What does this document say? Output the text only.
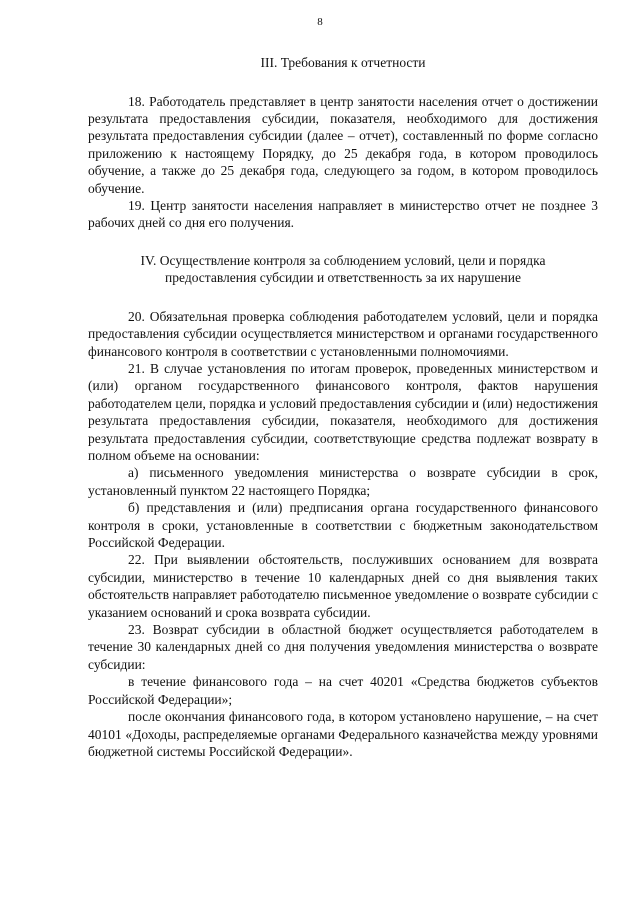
8

III. Требования к отчетности

18. Работодатель представляет в центр занятости населения отчет о достижении результата предоставления субсидии, показателя, необходимого для достижения результата предоставления субсидии (далее – отчет), составленный по форме согласно приложению к настоящему Порядку, до 25 декабря года, в котором проводилось обучение, а также до 25 декабря года, следующего за годом, в котором проводилось обучение.

19. Центр занятости населения направляет в министерство отчет не позднее 3 рабочих дней со дня его получения.

IV. Осуществление контроля за соблюдением условий, цели и порядка

предоставления субсидии и ответственность за их нарушение

20. Обязательная проверка соблюдения работодателем условий, цели и порядка предоставления субсидии осуществляется министерством и органами государственного финансового контроля в соответствии с установленными полномочиями.

21. В случае установления по итогам проверок, проведенных министерством и (или) органом государственного финансового контроля, фактов нарушения работодателем цели, порядка и условий предоставления субсидии и (или) недостижения результата предоставления субсидии, показателя, необходимого для достижения результата предоставления субсидии, соответствующие средства подлежат возврату в полном объеме на основании:

а) письменного уведомления министерства о возврате субсидии в срок, установленный пунктом 22 настоящего Порядка;

б) представления и (или) предписания органа государственного финансового контроля в сроки, установленные в соответствии с бюджетным законодательством Российской Федерации.

22. При выявлении обстоятельств, послуживших основанием для возврата субсидии, министерство в течение 10 календарных дней со дня выявления таких обстоятельств направляет работодателю письменное уведомление о возврате субсидии с указанием оснований и срока возврата субсидии.

23. Возврат субсидии в областной бюджет осуществляется работодателем в течение 30 календарных дней со дня получения уведомления министерства о возврате субсидии:

в течение финансового года – на счет 40201 «Средства бюджетов субъектов Российской Федерации»;

после окончания финансового года, в котором установлено нарушение, – на счет 40101 «Доходы, распределяемые органами Федерального казначейства между уровнями бюджетной системы Российской Федерации».
